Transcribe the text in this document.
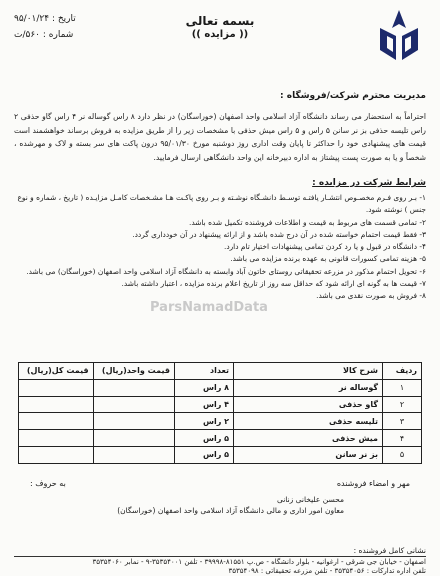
بسمه تعالی
(( مزایده ))
تاریخ : ۹۵/۰۱/۲۴
شماره : ۵۶۰/ت
مدیریت محترم شرکت/فروشگاه :
احتراماً به استحضار می رساند دانشگاه آزاد اسلامی واحد اصفهان (خوراسگان) در نظر دارد ۸ راس گوساله نر ۴ راس گاو حذفی ۲ راس تلیسه حذفی بز نر سانن ۵ راس و ۵ راس میش حذفی با مشخصات زیر را از طریق مزایده به فروش برساند خواهشمند است قیمت های پیشنهادی خود را حداکثر تا پایان وقت اداری روز دوشنبه مورخ ۹۵/۰۱/۳۰ درون پاکت های سر بسته و لاک و مهرشده ، شخصاً و یا به صورت پست پیشتاز به اداره دبیرخانه این واحد دانشگاهی ارسال فرمایید.
شرایط شرکت در مزایده :
۱- بـر روی فـرم مخصـوص انتشـار یافتـه توسـط دانشـگاه نوشـته و بـر روی پاکـت هـا مشـخصات کامـل مزایـده ( تاریخ ، شماره و نوع جنس ) نوشته شود.
۲- تمامی قسمت های مربوط به قیمت و اطلاعات فروشنده تکمیل شده باشد.
۳- فقط قیمت احتمام خواسته شده در آن درج شده باشد و از ارائه پیشنهاد در آن خودداری گردد.
۴- دانشگاه در قبول و یا رد کردن تمامی پیشنهادات اختیار تام دارد.
۵- هزینه تمامی کسورات قانونی به عهده برنده مزایده می باشد.
۶- تحویل احتمام مذکور در مزرعه تحقیقاتی روستای خاتون آباد وابسته به دانشگاه آزاد اسلامی واحد اصفهان (خوراسگان) می باشد.
۷- قیمت ها به گونه ای ارائه شود که حداقل سه روز از تاریخ اعلام برنده مزایده ، اعتبار داشته باشد.
۸- فروش به صورت نقدی می باشد.
ParsNamadData
ردیف	شرح کالا	تعداد	قیمت واحد(ریال)	قیمت کل(ریال)
۱	گوساله نر	۸ راس		
۲	گاو حذفی	۴ راس		
۳	تلیسه حذفی	۲ راس		
۴	میش حذفی	۵ راس		
۵	بز نر سانن	۵ راس		
به حروف :	مهر و امضاء فروشنده
محسن علیخانی زنانی
معاون امور اداری و مالی دانشگاه آزاد اسلامی واحد اصفهان (خوراسگان)
نشانی کامل فروشنده :
اصفهان - خیابان جی شرقی - ارغوانیه - بلوار دانشگاه - ص.پ ۸۱۵۵۱-۳۹۹۹۸ - تلفن ۳۵۳۵۴۰۰۱-۹ - نمابر ۳۵۳۵۴۰۶۰
تلفن اداره تدارکات : ۳۵۳۵۴۰۵۶ - تلفن مزرعه تحقیقاتی : ۳۵۳۵۴۰۹۸
